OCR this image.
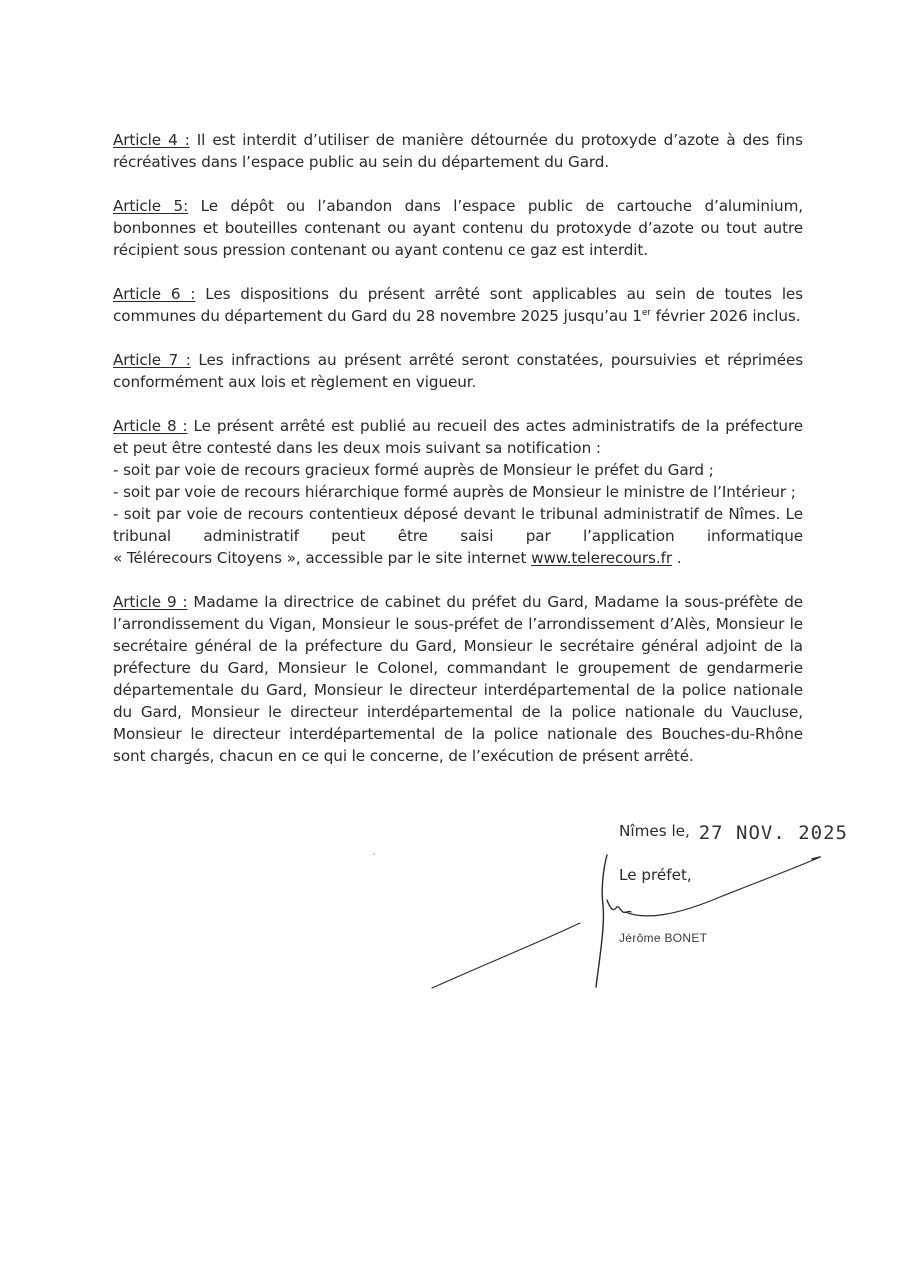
Article 4 : Il est interdit d’utiliser de manière détournée du protoxyde d’azote à des fins
récréatives dans l’espace public au sein du département du Gard.
Article 5: Le dépôt ou l’abandon dans l’espace public de cartouche d’aluminium,
bonbonnes et bouteilles contenant ou ayant contenu du protoxyde d’azote ou tout autre
récipient sous pression contenant ou ayant contenu ce gaz est interdit.
Article 6 : Les dispositions du présent arrêté sont applicables au sein de toutes les
communes du département du Gard du 28 novembre 2025 jusqu’au 1er février 2026 inclus.
Article 7 : Les infractions au présent arrêté seront constatées, poursuivies et réprimées
conformément aux lois et règlement en vigueur.
Article 8 : Le présent arrêté est publié au recueil des actes administratifs de la préfecture
et peut être contesté dans les deux mois suivant sa notification :
- soit par voie de recours gracieux formé auprès de Monsieur le préfet du Gard ;
- soit par voie de recours hiérarchique formé auprès de Monsieur le ministre de l’Intérieur ;
- soit par voie de recours contentieux déposé devant le tribunal administratif de Nîmes. Le
tribunal administratif peut être saisi par l’application informatique
« Télérecours Citoyens », accessible par le site internet www.telerecours.fr .
Article 9 : Madame la directrice de cabinet du préfet du Gard, Madame la sous-préfète de
l’arrondissement du Vigan, Monsieur le sous-préfet de l’arrondissement d’Alès, Monsieur le
secrétaire général de la préfecture du Gard, Monsieur le secrétaire général adjoint de la
préfecture du Gard, Monsieur le Colonel, commandant le groupement de gendarmerie
départementale du Gard, Monsieur le directeur interdépartemental de la police nationale
du Gard, Monsieur le directeur interdépartemental de la police nationale du Vaucluse,
Monsieur le directeur interdépartemental de la police nationale des Bouches-du-Rhône
sont chargés, chacun en ce qui le concerne, de l’exécution de présent arrêté.
Nîmes le, 27 NOV. 2025
Le préfet,
Jérôme BONET
